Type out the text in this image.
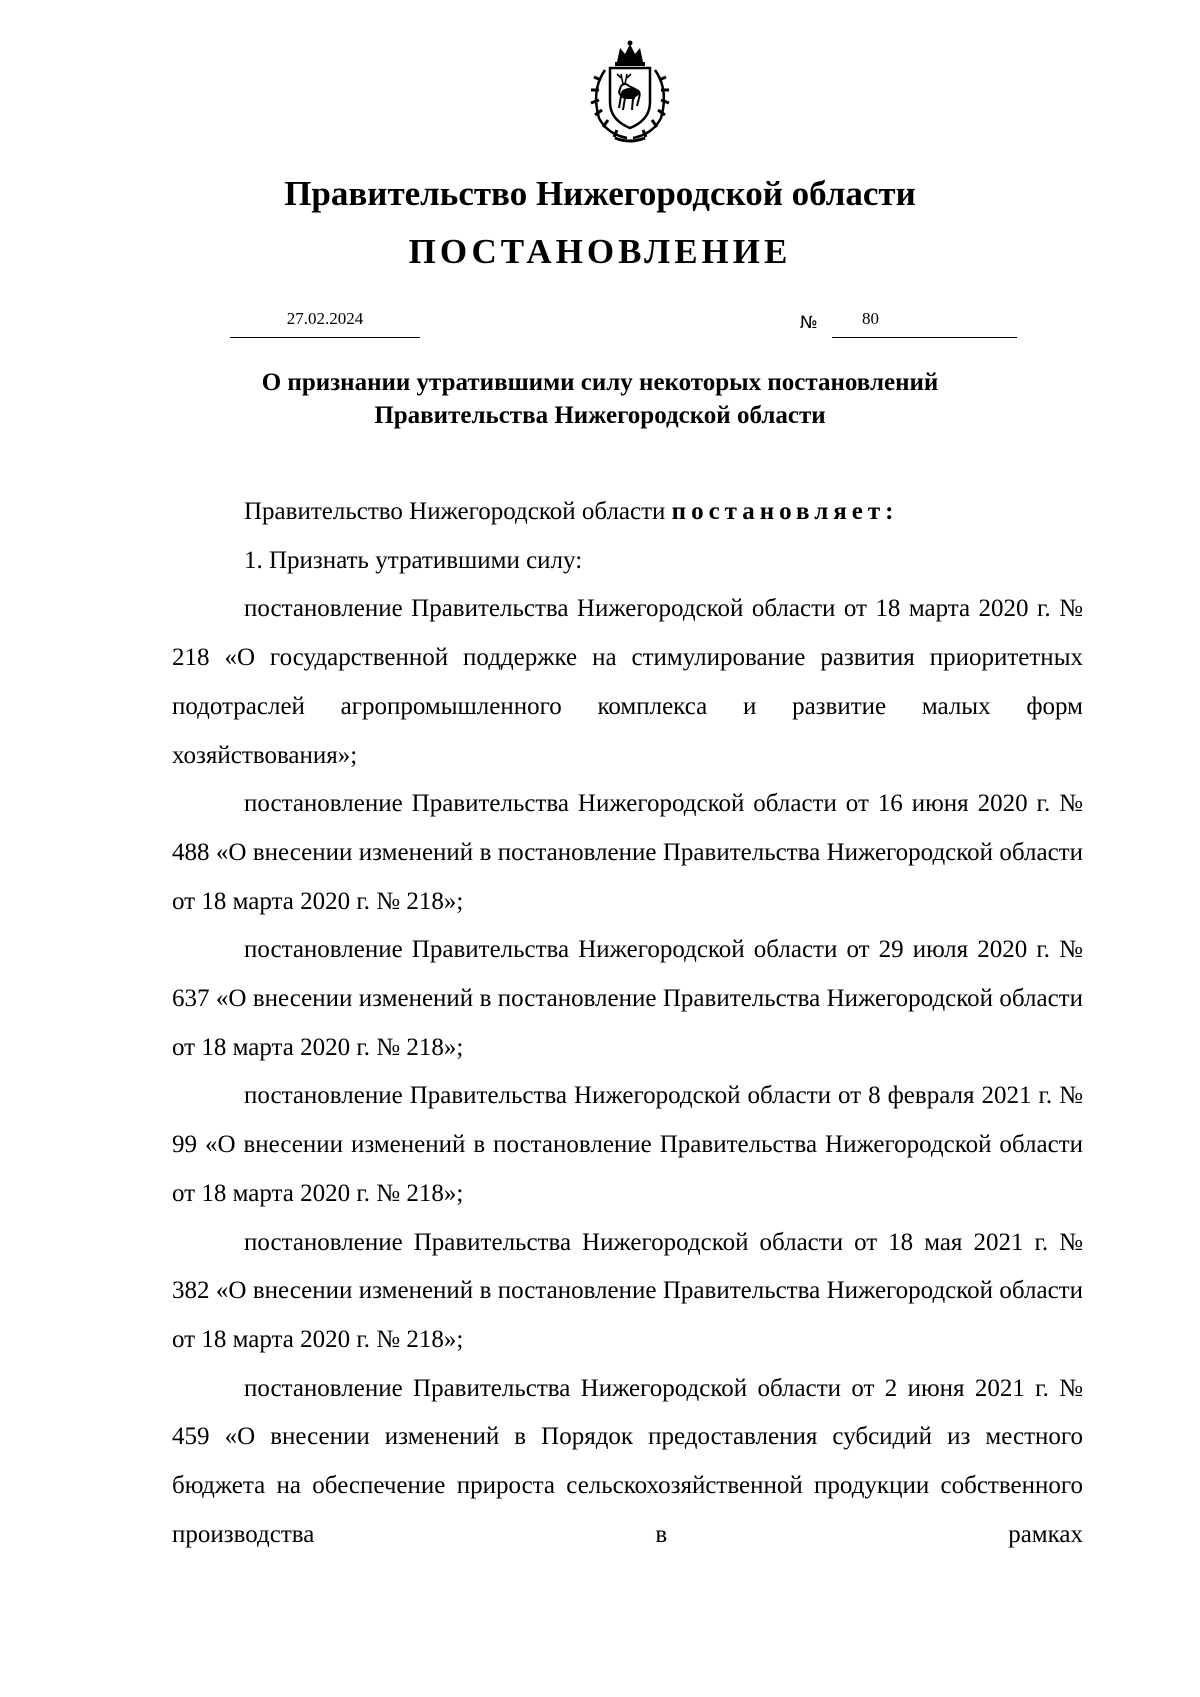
Правительство Нижегородской области
ПОСТАНОВЛЕНИЕ
27.02.2024	№	80
О признании утратившими силу некоторых постановлений
Правительства Нижегородской области

Правительство Нижегородской области постановляет:

1. Признать утратившими силу:

постановление Правительства Нижегородской области от 18 марта 2020 г. № 218 «О государственной поддержке на стимулирование развития приоритетных подотраслей агропромышленного комплекса и развитие малых форм хозяйствования»;

постановление Правительства Нижегородской области от 16 июня 2020 г. № 488 «О внесении изменений в постановление Правительства Нижегородской области от 18 марта 2020 г. № 218»;

постановление Правительства Нижегородской области от 29 июля 2020 г. № 637 «О внесении изменений в постановление Правительства Нижегородской области от 18 марта 2020 г. № 218»;

постановление Правительства Нижегородской области от 8 февраля 2021 г. № 99 «О внесении изменений в постановление Правительства Нижегородской области от 18 марта 2020 г. № 218»;

постановление Правительства Нижегородской области от 18 мая 2021 г. № 382 «О внесении изменений в постановление Правительства Нижегородской области от 18 марта 2020 г. № 218»;

постановление Правительства Нижегородской области от 2 июня 2021 г. № 459 «О внесении изменений в Порядок предоставления субсидий из местного бюджета на обеспечение прироста сельскохозяйственной продукции собственного производства в рамках
